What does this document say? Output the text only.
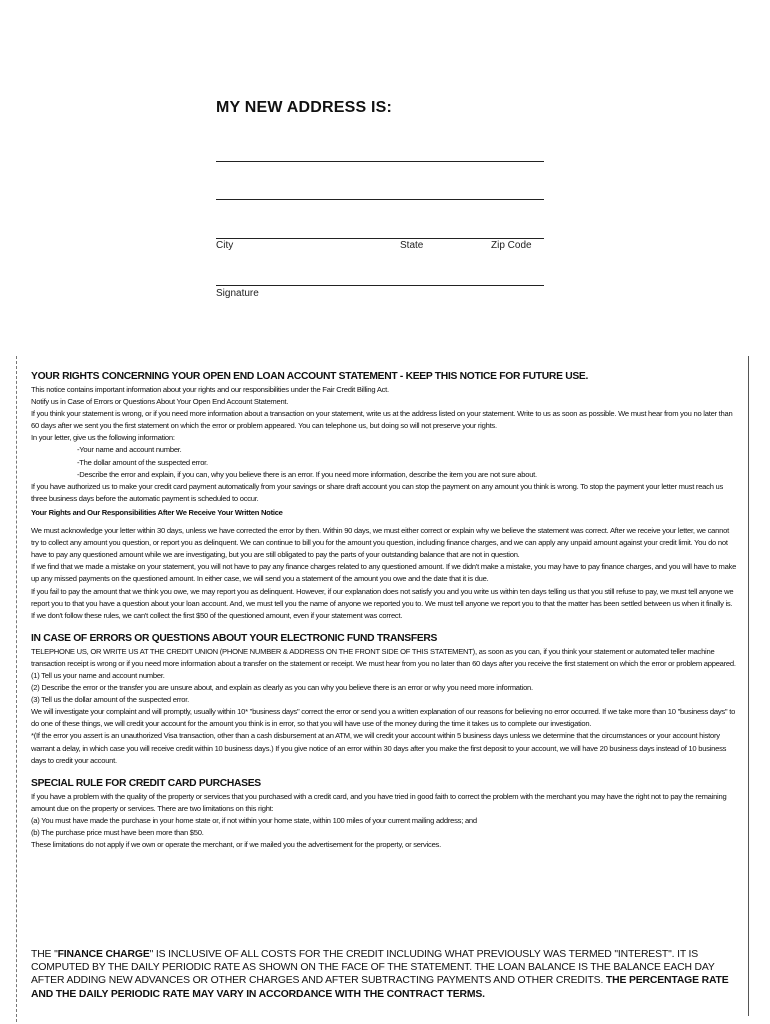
MY NEW ADDRESS IS:
City	State	Zip Code
Signature
YOUR RIGHTS CONCERNING YOUR OPEN END LOAN ACCOUNT STATEMENT - KEEP THIS NOTICE FOR FUTURE USE.

This notice contains important information about your rights and our responsibilities under the Fair Credit Billing Act.

Notify us in Case of Errors or Questions About Your Open End Account Statement.

If you think your statement is wrong, or if you need more information about a transaction on your statement, write us at the address listed on your statement. Write to us as soon as possible. We must hear from you no later than 60 days after we sent you the first statement on which the error or problem appeared. You can telephone us, but doing so will not preserve your rights.

In your letter, give us the following information:

-Your name and account number.

-The dollar amount of the suspected error.

-Describe the error and explain, if you can, why you believe there is an error. If you need more information, describe the item you are not sure about.

If you have authorized us to make your credit card payment automatically from your savings or share draft account you can stop the payment on any amount you think is wrong. To stop the payment your letter must reach us three business days before the automatic payment is scheduled to occur.

Your Rights and Our Responsibilities After We Receive Your Written Notice

We must acknowledge your letter within 30 days, unless we have corrected the error by then. Within 90 days, we must either correct or explain why we believe the statement was correct. After we receive your letter, we cannot try to collect any amount you question, or report you as delinquent. We can continue to bill you for the amount you question, including finance charges, and we can apply any unpaid amount against your credit limit. You do not have to pay any questioned amount while we are investigating, but you are still obligated to pay the parts of your outstanding balance that are not in question.

If we find that we made a mistake on your statement, you will not have to pay any finance charges related to any questioned amount. If we didn't make a mistake, you may have to pay finance charges, and you will have to make up any missed payments on the questioned amount. In either case, we will send you a statement of the amount you owe and the date that it is due.

If you fail to pay the amount that we think you owe, we may report you as delinquent. However, if our explanation does not satisfy you and you write us within ten days telling us that you still refuse to pay, we must tell anyone we report you to that you have a question about your loan account. And, we must tell you the name of anyone we reported you to. We must tell anyone we report you to that the matter has been settled between us when it finally is.

If we don't follow these rules, we can't collect the first $50 of the questioned amount, even if your statement was correct.

IN CASE OF ERRORS OR QUESTIONS ABOUT YOUR ELECTRONIC FUND TRANSFERS

TELEPHONE US, OR WRITE US AT THE CREDIT UNION (PHONE NUMBER & ADDRESS ON THE FRONT SIDE OF THIS STATEMENT), as soon as you can, if you think your statement or automated teller machine transaction receipt is wrong or if you need more information about a transfer on the statement or receipt. We must hear from you no later than 60 days after you receive the first statement on which the error or problem appeared.

(1) Tell us your name and account number.

(2) Describe the error or the transfer you are unsure about, and explain as clearly as you can why you believe there is an error or why you need more information.

(3) Tell us the dollar amount of the suspected error.

We will investigate your complaint and will promptly, usually within 10* "business days" correct the error or send you a written explanation of our reasons for believing no error occurred. If we take more than 10 "business days" to do one of these things, we will credit your account for the amount you think is in error, so that you will have use of the money during the time it takes us to complete our investigation.

*(If the error you assert is an unauthorized Visa transaction, other than a cash disbursement at an ATM, we will credit your account within 5 business days unless we determine that the circumstances or your account history warrant a delay, in which case you will receive credit within 10 business days.) If you give notice of an error within 30 days after you make the first deposit to your account, we will have 20 business days instead of 10 business days to credit your account.

SPECIAL RULE FOR CREDIT CARD PURCHASES

If you have a problem with the quality of the property or services that you purchased with a credit card, and you have tried in good faith to correct the problem with the merchant you may have the right not to pay the remaining amount due on the property or services. There are two limitations on this right:

(a) You must have made the purchase in your home state or, if not within your home state, within 100 miles of your current mailing address; and

(b) The purchase price must have been more than $50.

These limitations do not apply if we own or operate the merchant, or if we mailed you the advertisement for the property, or services.

THE "FINANCE CHARGE" IS INCLUSIVE OF ALL COSTS FOR THE CREDIT INCLUDING WHAT PREVIOUSLY WAS TERMED "INTEREST". IT IS COMPUTED BY THE DAILY PERIODIC RATE AS SHOWN ON THE FACE OF THE STATEMENT. THE LOAN BALANCE IS THE BALANCE EACH DAY AFTER ADDING NEW ADVANCES OR OTHER CHARGES AND AFTER SUBTRACTING PAYMENTS AND OTHER CREDITS. THE PERCENTAGE RATE AND THE DAILY PERIODIC RATE MAY VARY IN ACCORDANCE WITH THE CONTRACT TERMS.
